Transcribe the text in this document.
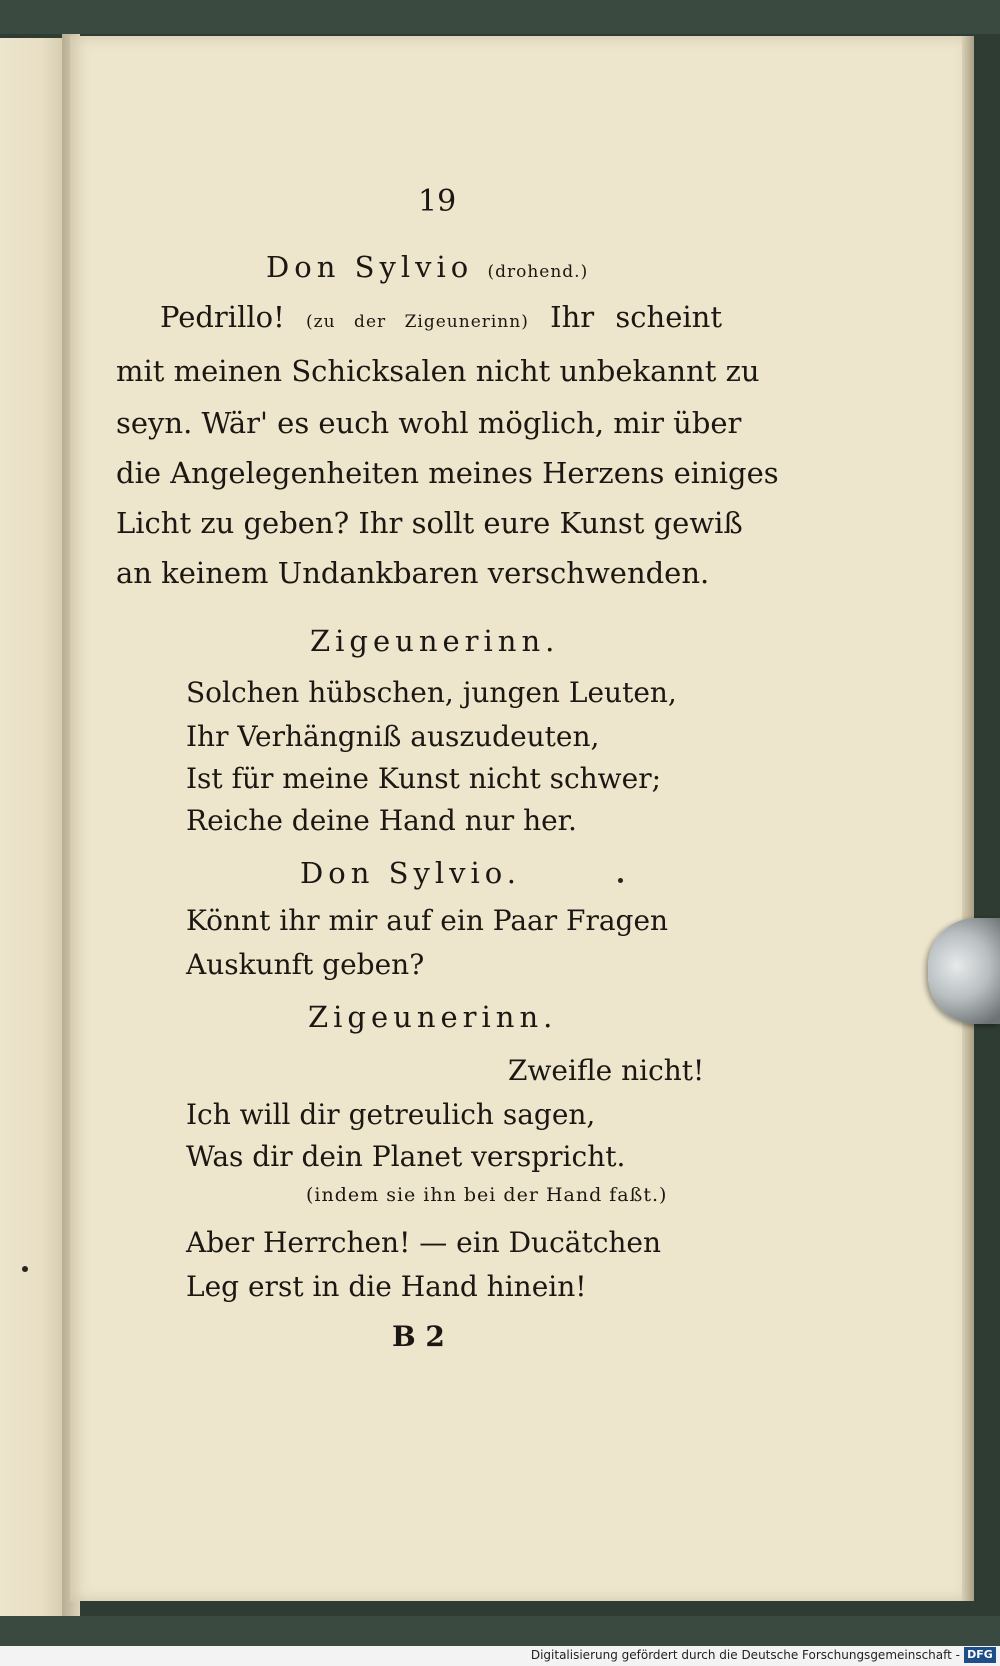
19
Don Sylvio (drohend.)
Pedrillo! (zu der Zigeunerinn) Ihr scheint
mit meinen Schicksalen nicht unbekannt zu
seyn. Wär' es euch wohl möglich, mir über
die Angelegenheiten meines Herzens einiges
Licht zu geben? Ihr sollt eure Kunst gewiß
an keinem Undankbaren verschwenden.
Zigeunerinn.
Solchen hübschen, jungen Leuten,
Ihr Verhängniß auszudeuten,
Ist für meine Kunst nicht schwer;
Reiche deine Hand nur her.
Don Sylvio.
Könnt ihr mir auf ein Paar Fragen
Auskunft geben?
Zigeunerinn.
Zweifle nicht!
Ich will dir getreulich sagen,
Was dir dein Planet verspricht.
(indem sie ihn bei der Hand faßt.)
Aber Herrchen! — ein Ducätchen
Leg erst in die Hand hinein!
B 2
Digitalisierung gefördert durch die Deutsche Forschungsgemeinschaft - DFG
